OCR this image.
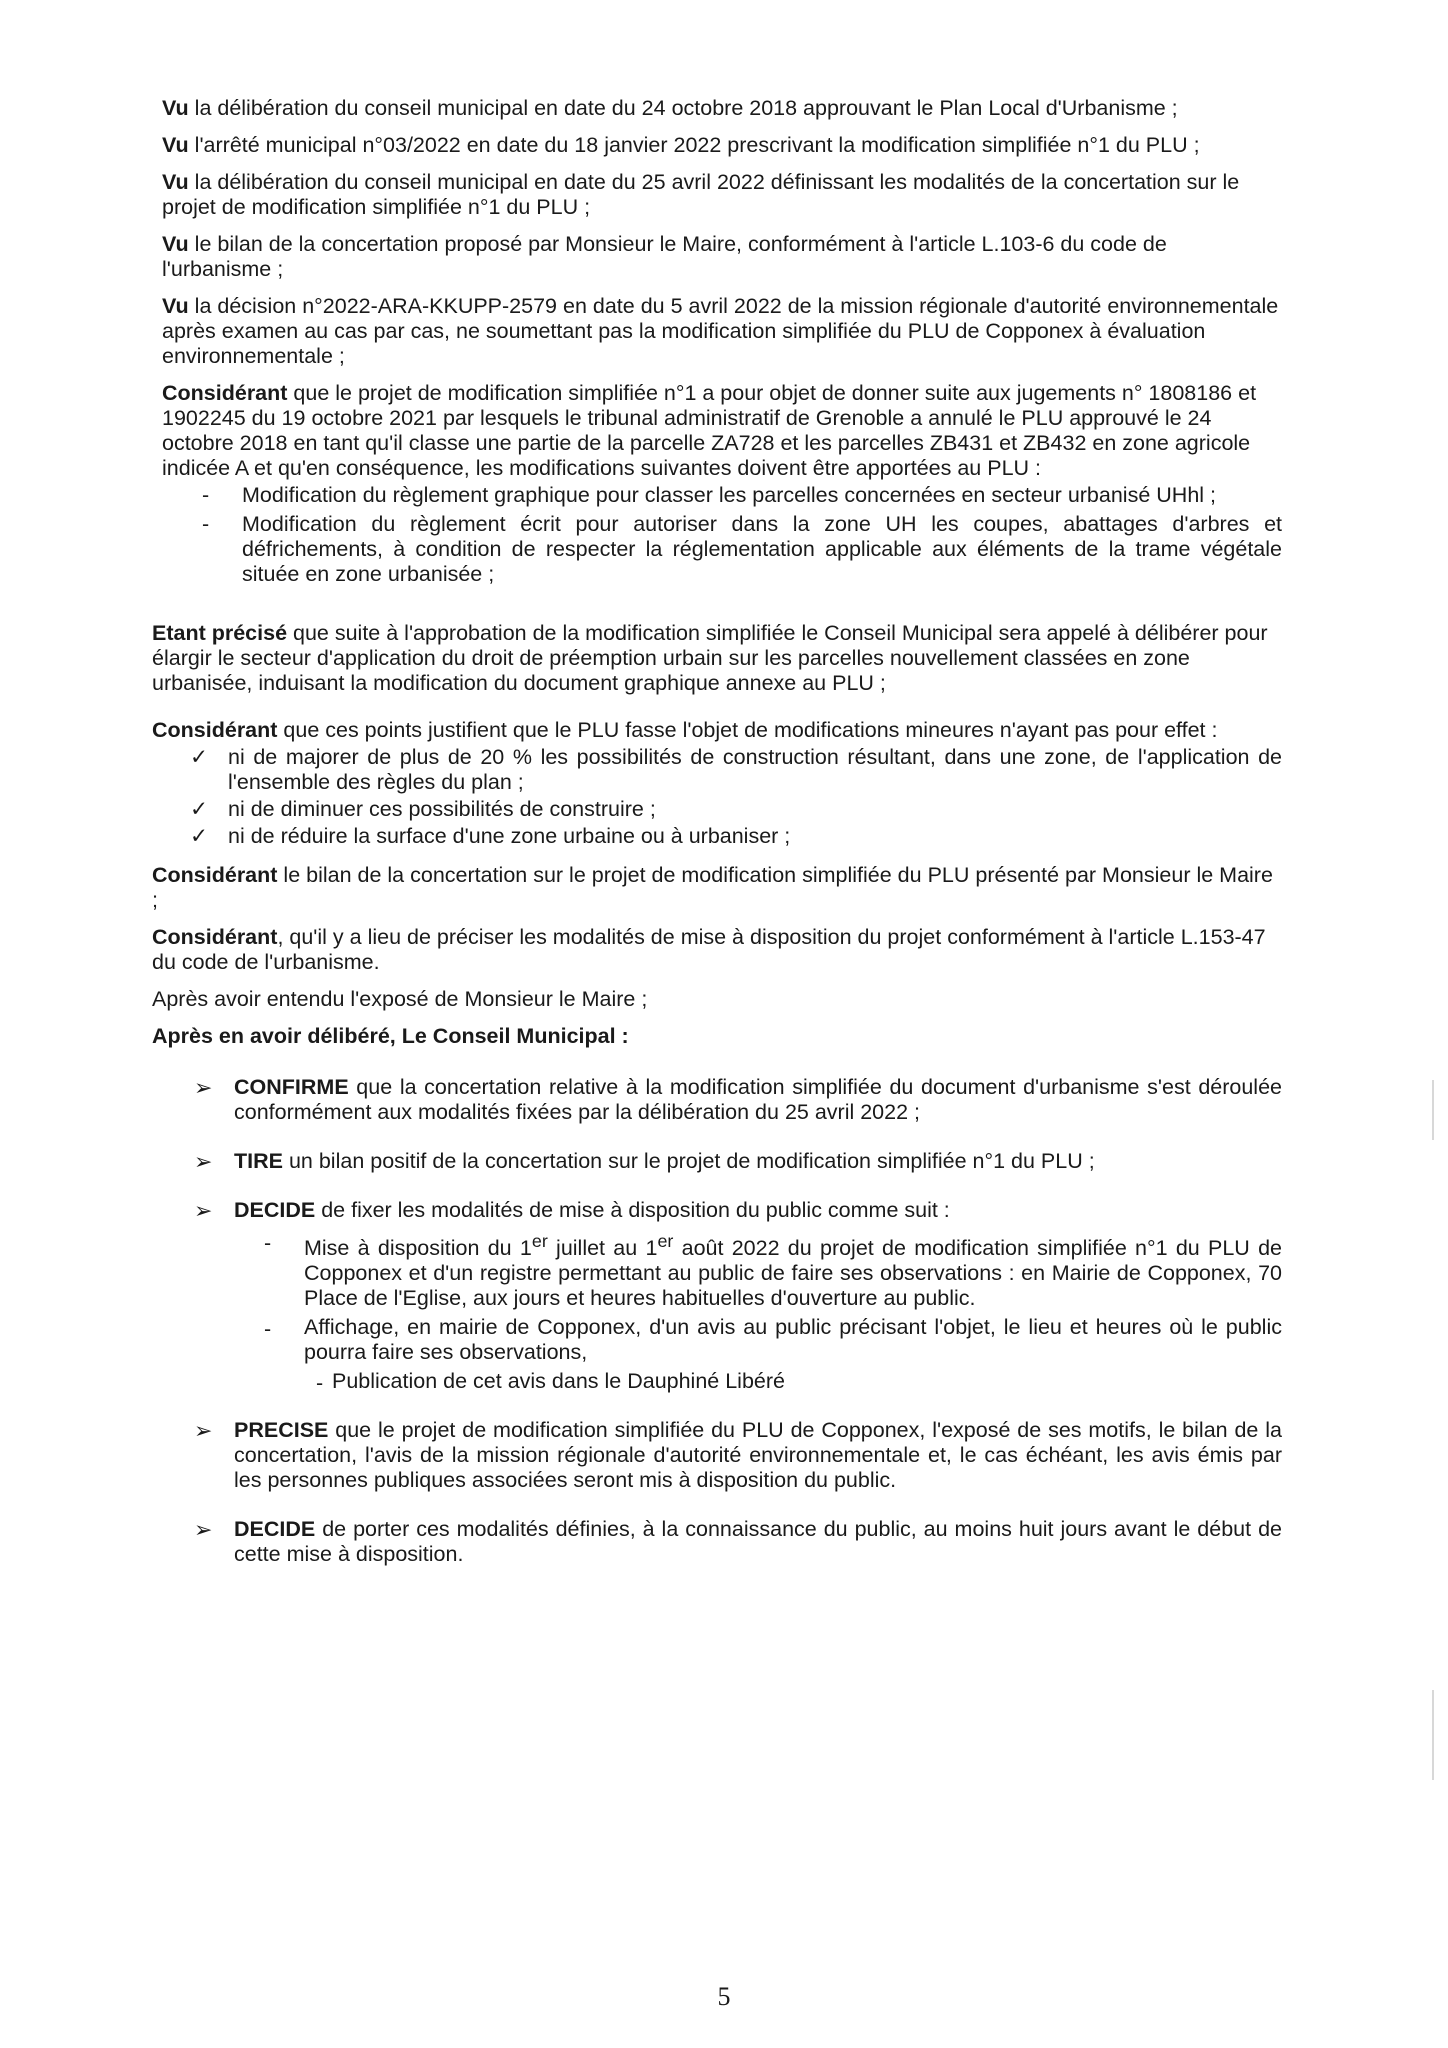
Vu la délibération du conseil municipal en date du 24 octobre 2018 approuvant le Plan Local d'Urbanisme ;

Vu l'arrêté municipal n°03/2022 en date du 18 janvier 2022 prescrivant la modification simplifiée n°1 du PLU ;

Vu la délibération du conseil municipal en date du 25 avril 2022 définissant les modalités de la concertation sur le projet de modification simplifiée n°1 du PLU ;

Vu le bilan de la concertation proposé par Monsieur le Maire, conformément à l'article L.103-6 du code de l'urbanisme ;

Vu la décision n°2022-ARA-KKUPP-2579 en date du 5 avril 2022 de la mission régionale d'autorité environnementale après examen au cas par cas, ne soumettant pas la modification simplifiée du PLU de Copponex à évaluation environnementale ;

Considérant que le projet de modification simplifiée n°1 a pour objet de donner suite aux jugements n° 1808186 et 1902245 du 19 octobre 2021 par lesquels le tribunal administratif de Grenoble a annulé le PLU approuvé le 24 octobre 2018 en tant qu'il classe une partie de la parcelle ZA728 et les parcelles ZB431 et ZB432 en zone agricole indicée A et qu'en conséquence, les modifications suivantes doivent être apportées au PLU :

- Modification du règlement graphique pour classer les parcelles concernées en secteur urbanisé UHhl ;
- Modification du règlement écrit pour autoriser dans la zone UH les coupes, abattages d'arbres et défrichements, à condition de respecter la réglementation applicable aux éléments de la trame végétale située en zone urbanisée ;

Etant précisé que suite à l'approbation de la modification simplifiée le Conseil Municipal sera appelé à délibérer pour élargir le secteur d'application du droit de préemption urbain sur les parcelles nouvellement classées en zone urbanisée, induisant la modification du document graphique annexe au PLU ;

Considérant que ces points justifient que le PLU fasse l'objet de modifications mineures n'ayant pas pour effet :

✓ ni de majorer de plus de 20 % les possibilités de construction résultant, dans une zone, de l'application de l'ensemble des règles du plan ;
✓ ni de diminuer ces possibilités de construire ;
✓ ni de réduire la surface d'une zone urbaine ou à urbaniser ;

Considérant le bilan de la concertation sur le projet de modification simplifiée du PLU présenté par Monsieur le Maire ;

Considérant, qu'il y a lieu de préciser les modalités de mise à disposition du projet conformément à l'article L.153-47 du code de l'urbanisme.

Après avoir entendu l'exposé de Monsieur le Maire ;

Après en avoir délibéré, Le Conseil Municipal :

➢ CONFIRME que la concertation relative à la modification simplifiée du document d'urbanisme s'est déroulée conformément aux modalités fixées par la délibération du 25 avril 2022 ;
➢ TIRE un bilan positif de la concertation sur le projet de modification simplifiée n°1 du PLU ;
➢ DECIDE de fixer les modalités de mise à disposition du public comme suit :
- Mise à disposition du 1er juillet au 1er août 2022 du projet de modification simplifiée n°1 du PLU de Copponex et d'un registre permettant au public de faire ses observations : en Mairie de Copponex, 70 Place de l'Eglise, aux jours et heures habituelles d'ouverture au public.
- Affichage, en mairie de Copponex, d'un avis au public précisant l'objet, le lieu et heures où le public pourra faire ses observations,
- Publication de cet avis dans le Dauphiné Libéré
➢ PRECISE que le projet de modification simplifiée du PLU de Copponex, l'exposé de ses motifs, le bilan de la concertation, l'avis de la mission régionale d'autorité environnementale et, le cas échéant, les avis émis par les personnes publiques associées seront mis à disposition du public.
➢ DECIDE de porter ces modalités définies, à la connaissance du public, au moins huit jours avant le début de cette mise à disposition.
5
